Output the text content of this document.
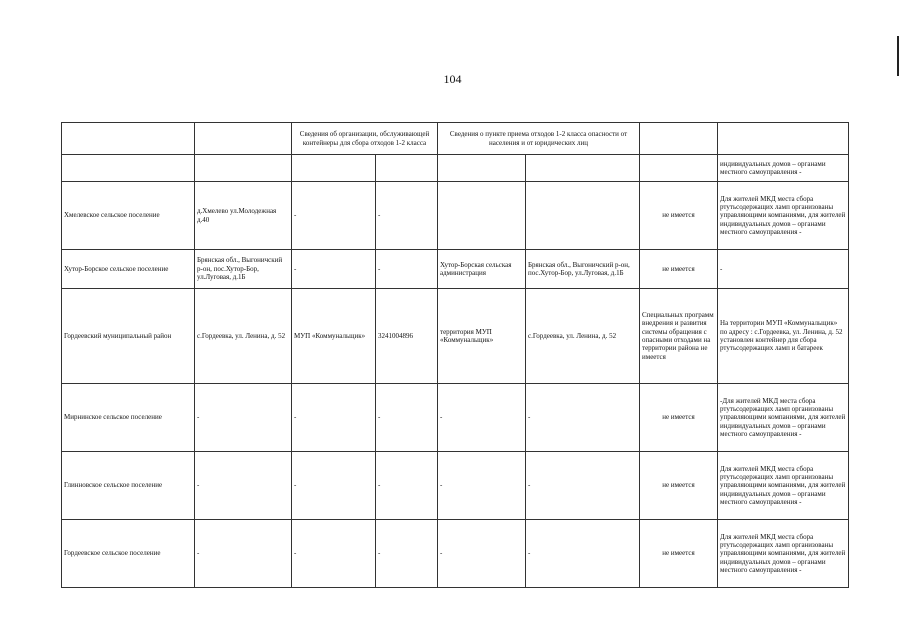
104
		Сведения об организации, обслуживающей контейнеры для сбора отходов 1-2 класса		Сведения о пункте приема отходов 1-2 класса опасности от населения и от юридических лиц			
							индивидуальных домов – органами местного самоуправления -
Хмелевское сельское поселение	д.Хмелево ул.Молодежная д.40	-	-			не имеется	Для жителей МКД места сбора ртутьсодержащих ламп организованы управляющими компаниями, для жителей индивидуальных домов – органами местного самоуправления -
Хутор-Борское сельское поселение	Брянская обл., Выгоничский р-он, пос.Хутор-Бор, ул.Луговая, д.1Б	-	-	Хутор-Борская сельская администрация	Брянская обл., Выгоничский р-он, пос.Хутор-Бор, ул.Луговая, д.1Б	не имеется	-
Гордеевский муниципальный район	с.Гордеевка, ул. Ленина, д. 52	МУП «Коммунальщик»	3241004896	территория МУП «Коммунальщик»	с.Гордеевка, ул. Ленина, д. 52	Специальных программ внедрения и развития системы обращения с опасными отходами на территории района не имеется	На территории МУП «Коммунальщик» по адресу : с.Гордеевка, ул. Ленина, д. 52 установлен контейнер для сбора ртутьсодержащих ламп и батареек
Мирнинское сельское поселение	-	-	-	-	-	не имеется	-Для жителей МКД места сбора ртутьсодержащих ламп организованы управляющими компаниями, для жителей индивидуальных домов – органами местного самоуправления -
Глинновское сельское поселение	-	-	-	-	-	не имеется	Для жителей МКД места сбора ртутьсодержащих ламп организованы управляющими компаниями, для жителей индивидуальных домов – органами местного самоуправления -
Гордеевское сельское поселение	-	-	-	-	-	не имеется	Для жителей МКД места сбора ртутьсодержащих ламп организованы управляющими компаниями, для жителей индивидуальных домов – органами местного самоуправления -
